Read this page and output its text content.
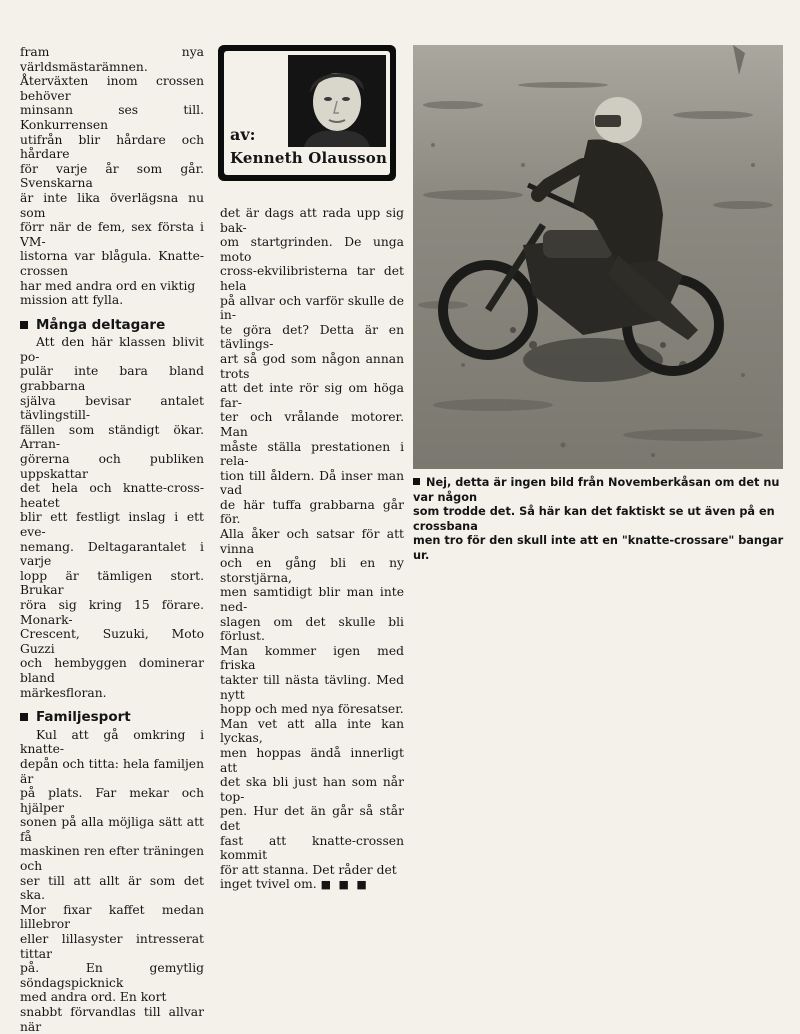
fram nya världsmästarämnen.
Återväxten inom crossen behöver
minsann ses till. Konkurrensen
utifrån blir hårdare och hårdare
för varje år som går. Svenskarna
är inte lika överlägsna nu som
förr när de fem, sex första i VM-
listorna var blågula. Knatte-crossen
har med andra ord en viktig
mission att fylla.

Många deltagare

Att den här klassen blivit po-
pulär inte bara bland grabbarna
själva bevisar antalet tävlingstill-
fällen som ständigt ökar. Arran-
görerna och publiken uppskattar
det hela och knatte-cross-heatet
blir ett festligt inslag i ett eve-
nemang. Deltagarantalet i varje
lopp är tämligen stort. Brukar
röra sig kring 15 förare. Monark-
Crescent, Suzuki, Moto Guzzi
och hembyggen dominerar bland
märkesfloran.

Familjesport

Kul att gå omkring i knatte-
depån och titta: hela familjen är
på plats. Far mekar och hjälper
sonen på alla möjliga sätt att få
maskinen ren efter träningen och
ser till att allt är som det ska.
Mor fixar kaffet medan lillebror
eller lillasyster intresserat tittar
på. En gemytlig söndagspicknick
med andra ord. En kort
snabbt förvandlas till allvar när

av:
Kenneth Olausson

det är dags att rada upp sig bak-
om startgrinden. De unga moto
cross-ekvilibristerna tar det hela
på allvar och varför skulle de in-
te göra det? Detta är en tävlings-
art så god som någon annan trots
att det inte rör sig om höga far-
ter och vrålande motorer. Man
måste ställa prestationen i rela-
tion till åldern. Då inser man vad
de här tuffa grabbarna går för.
Alla åker och satsar för att vinna
och en gång bli en ny storstjärna,
men samtidigt blir man inte ned-
slagen om det skulle bli förlust.
Man kommer igen med friska
takter till nästa tävling. Med nytt
hopp och med nya föresatser.
Man vet att alla inte kan lyckas,
men hoppas ändå innerligt att
det ska bli just han som når top-
pen. Hur det än går så står det
fast att knatte-crossen kommit
för att stanna. Det råder det
inget tvivel om. ■ ■ ■

Nej, detta är ingen bild från Novemberkåsan om det nu var någon
som trodde det. Så här kan det faktiskt se ut även på en crossbana
men tro för den skull inte att en "knatte-crossare" bangar ur.
